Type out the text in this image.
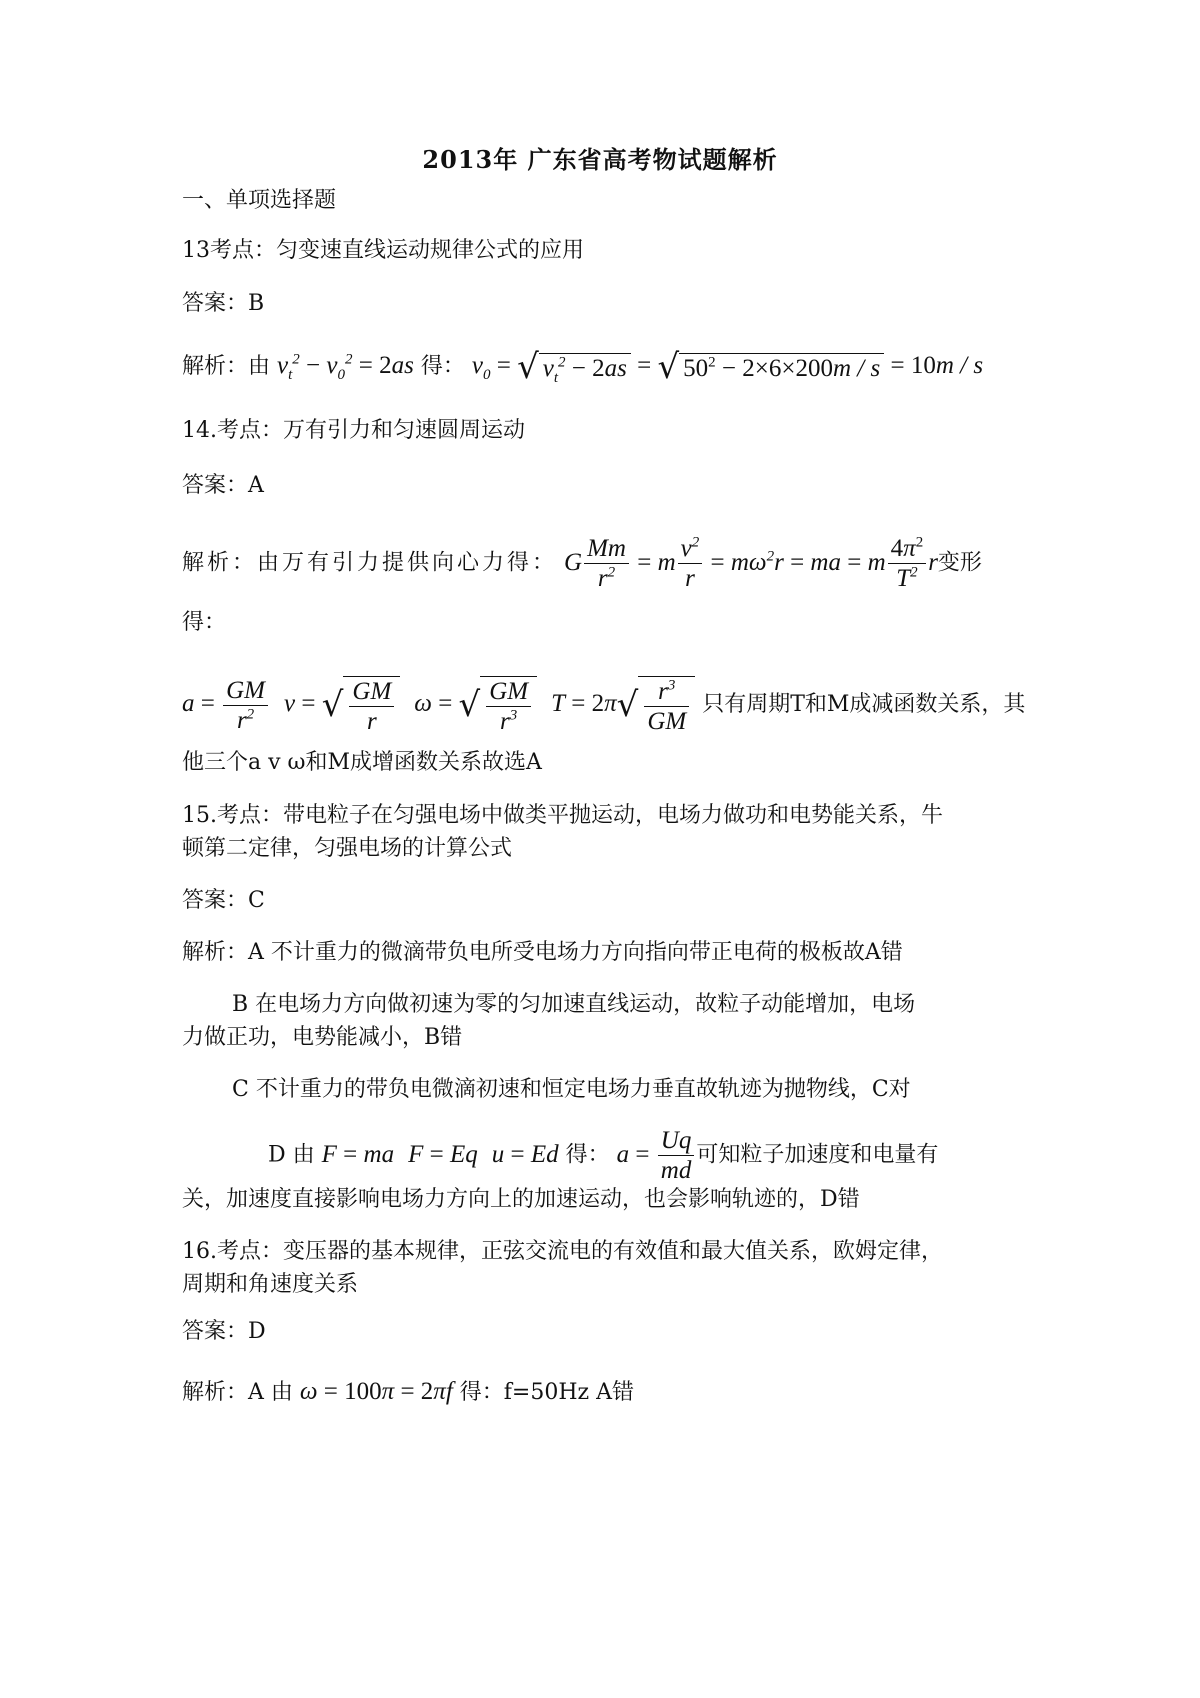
2013年 广东省高考物试题解析
一、单项选择题
13考点：匀变速直线运动规律公式的应用
答案：B
解析：由 $v_t^2 - v_0^2 = 2as$ 得： $v_0$ = √ $v_t^2 - 2as$ = √ $50^2 - 2\times 6\times 200m / s = 10m / s$
14.考点：万有引力和匀速圆周运动
答案：A
解析：由万有引力提供向心力得： G $\frac{Mm}{r^2} = m \frac{v^2}{r} = m\omega^2r$ = ma = m $\frac{4\pi^2}{T^2}$ r变形
得：
$a = \frac{GM}{r^2}$ v = √ $\frac{GM}{r}$ ω = √ $\frac{GM}{r^3}$ $T = 2\pi√ \frac{r^3}{GM}$ 只有周期T和M成减函数关系，其
他三个a v ω和M成增函数关系故选A
15.考点：带电粒子在匀强电场中做类平抛运动，电场力做功和电势能关系，牛
顿第二定律，匀强电场的计算公式
答案：C
解析：A 不计重力的微滴带负电所受电场力方向指向带正电荷的极板故A错
B 在电场力方向做初速为零的匀加速直线运动，故粒子动能增加，电场
力做正功，电势能减小，B错
C 不计重力的带负电微滴初速和恒定电场力垂直故轨迹为抛物线，C对
D 由 F = ma F = Eq u = Ed 得： $a = \frac{Uq}{md}$ 可知粒子加速度和电量有
关，加速度直接影响电场力方向上的加速运动，也会影响轨迹的，D错
16.考点：变压器的基本规律，正弦交流电的有效值和最大值关系，欧姆定律，
周期和角速度关系
答案：D
解析：A 由 ω = 100π = 2πf 得：f=50Hz A错
